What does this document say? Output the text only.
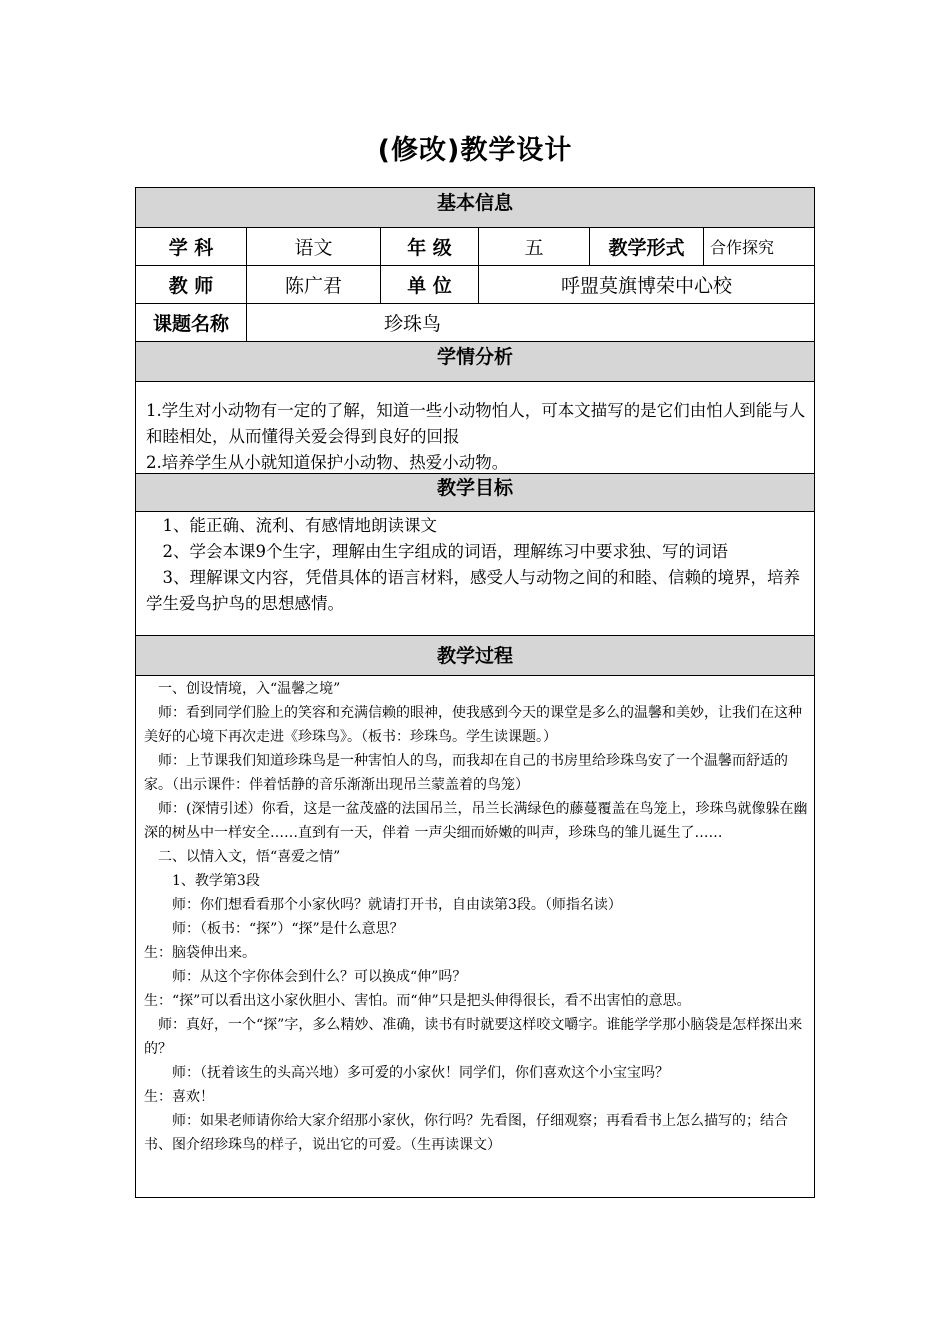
(修改)教学设计
基本信息
学 科	语文	年 级	五	教学形式	合作探究
教 师	陈广君	单 位	呼盟莫旗博荣中心校
课题名称	珍珠鸟
学情分析

1.学生对小动物有一定的了解，知道一些小动物怕人，可本文描写的是它们由怕人到能与人和睦相处，从而懂得关爱会得到良好的回报

2.培养学生从小就知道保护小动物、热爱小动物。

教学目标

　1、能正确、流利、有感情地朗读课文

　2、学会本课9个生字，理解由生字组成的词语，理解练习中要求独、写的词语

　3、理解课文内容，凭借具体的语言材料，感受人与动物之间的和睦、信赖的境界，培养学生爱鸟护鸟的思想感情。

教学过程

　一、创设情境，入“温馨之境”

　师：看到同学们脸上的笑容和充满信赖的眼神，使我感到今天的课堂是多么的温馨和美妙，让我们在这种美好的心境下再次走进《珍珠鸟》。（板书：珍珠鸟。学生读课题。）

　师：上节课我们知道珍珠鸟是一种害怕人的鸟，而我却在自己的书房里给珍珠鸟安了一个温馨而舒适的家。（出示课件：伴着恬静的音乐渐渐出现吊兰蒙盖着的鸟笼）

　师：(深情引述）你看，这是一盆茂盛的法国吊兰，吊兰长满绿色的藤蔓覆盖在鸟笼上，珍珠鸟就像躲在幽深的树丛中一样安全……直到有一天，伴着 一声尖细而娇嫩的叫声，珍珠鸟的雏儿诞生了……

　二、以情入文，悟“喜爱之情”

　　1、教学第3段

　　师：你们想看看那个小家伙吗？就请打开书，自由读第3段。（师指名读）

　　师：（板书：“探”）“探”是什么意思？

生：脑袋伸出来。

　　师：从这个字你体会到什么？可以换成“伸”吗？

生：“探”可以看出这小家伙胆小、害怕。而“伸”只是把头伸得很长，看不出害怕的意思。

　师：真好，一个“探”字，多么精妙、准确，读书有时就要这样咬文嚼字。谁能学学那小脑袋是怎样探出来的？

　　师：（抚着该生的头高兴地）多可爱的小家伙！同学们，你们喜欢这个小宝宝吗？

生：喜欢！

　　师：如果老师请你给大家介绍那小家伙，你行吗？先看图，仔细观察；再看看书上怎么描写的；结合书、图介绍珍珠鸟的样子，说出它的可爱。（生再读课文）
